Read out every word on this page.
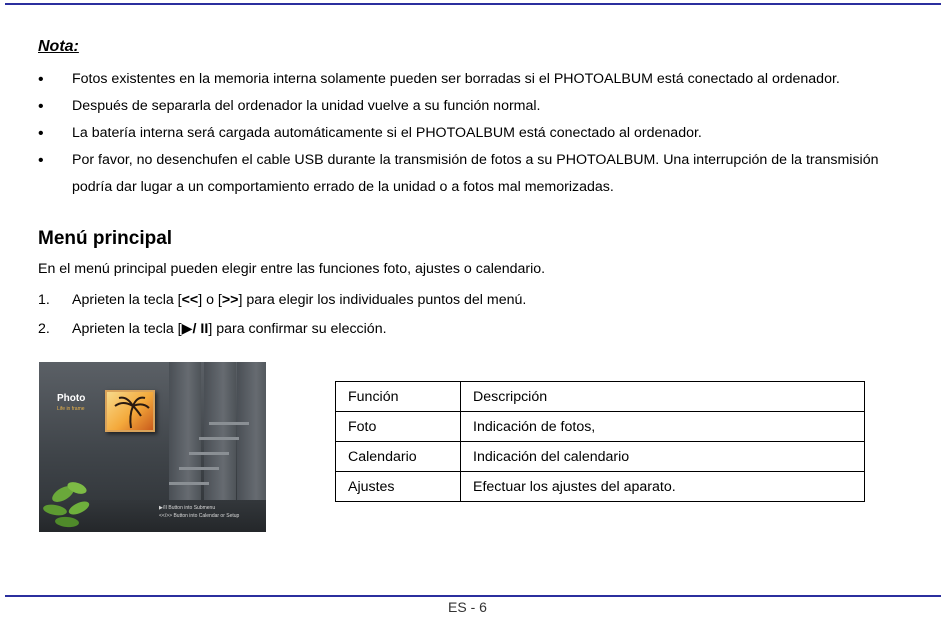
Nota:
• Fotos existentes en la memoria interna solamente pueden ser borradas si el PHOTOALBUM está conectado al ordenador.
• Después de separarla del ordenador la unidad vuelve a su función normal.
• La batería interna será cargada automáticamente si el PHOTOALBUM está conectado al ordenador.
• Por favor, no desenchufen el cable USB durante la transmisión de fotos a su PHOTOALBUM. Una interrupción de la transmisión podría dar lugar a un comportamiento errado de la unidad o a fotos mal memorizadas.
Menú principal
En el menú principal pueden elegir entre las funciones foto, ajustes o calendario.
1. Aprieten la tecla [<<] o [>>] para elegir los individuales puntos del menú.
2. Aprieten la tecla [▶/ II] para confirmar su elección.
Photo
Life in frame
▶/II Button into Submenu
<</>> Button into Calendar or Setup
Función	Descripción
Foto	Indicación de fotos,
Calendario	Indicación del calendario
Ajustes	Efectuar los ajustes del aparato.
ES - 6
